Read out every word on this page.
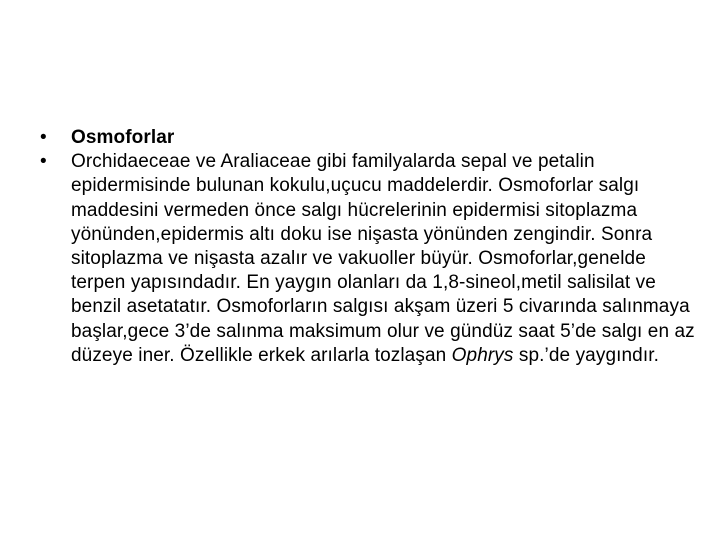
•	Osmoforlar
•	Orchidaeceae ve Araliaceae gibi familyalarda sepal ve petalin epidermisinde bulunan kokulu,uçucu maddelerdir. Osmoforlar salgı maddesini vermeden önce salgı hücrelerinin epidermisi sitoplazma yönünden,epidermis altı doku ise nişasta yönünden zengindir. Sonra sitoplazma ve nişasta azalır ve vakuoller büyür. Osmoforlar,genelde terpen yapısındadır. En yaygın olanları da 1,8-sineol,metil salisilat ve benzil asetatatır. Osmoforların salgısı akşam üzeri 5 civarında salınmaya başlar,gece 3’de salınma maksimum olur ve gündüz saat 5’de salgı en az düzeye iner. Özellikle erkek arılarla tozlaşan Ophrys sp.’de yaygındır.
